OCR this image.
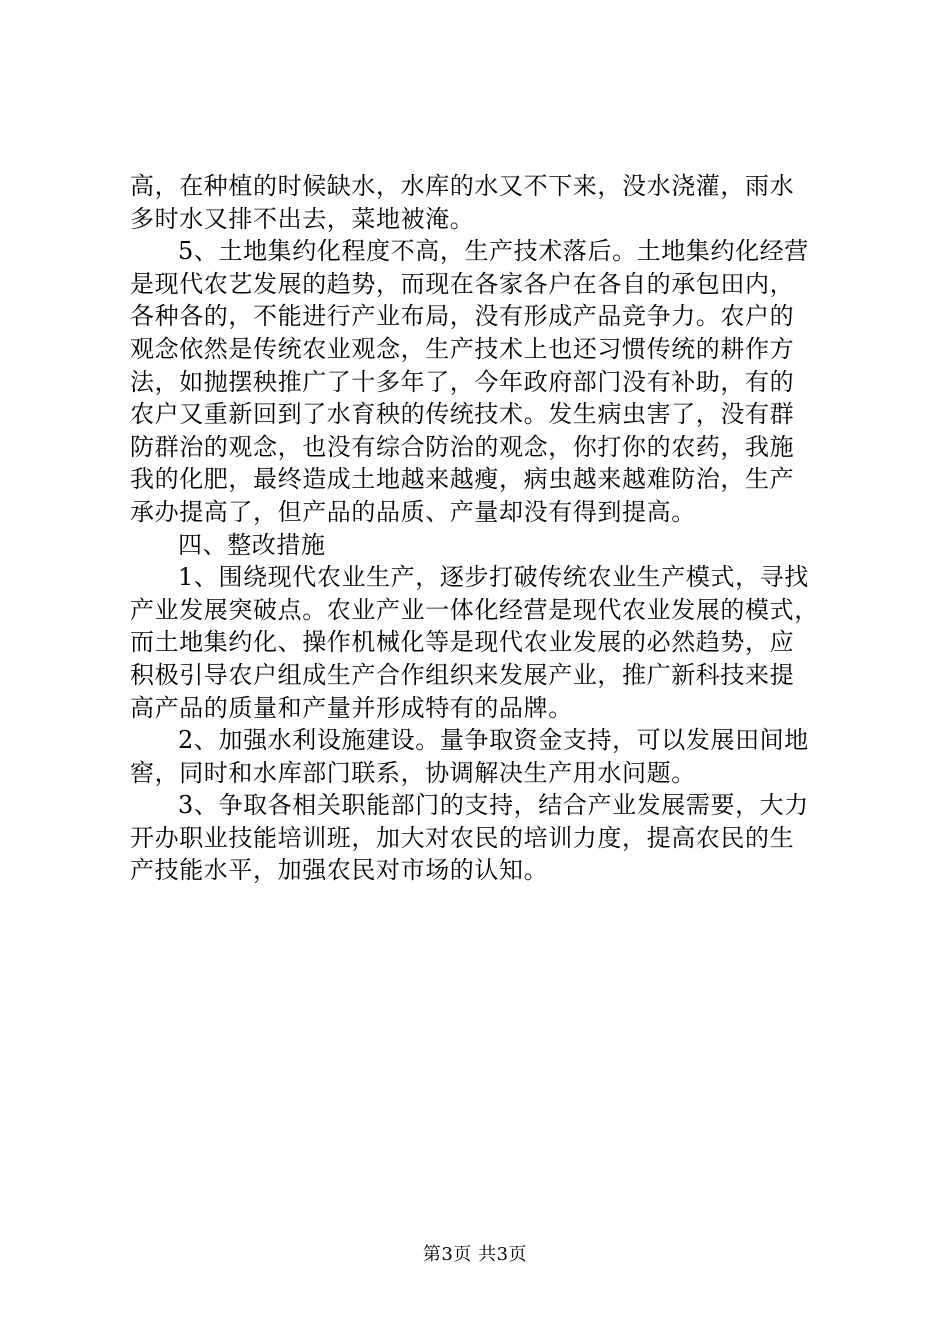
高，在种植的时候缺水，水库的水又不下来，没水浇灌，雨水
多时水又排不出去，菜地被淹。
5、土地集约化程度不高，生产技术落后。土地集约化经营
是现代农艺发展的趋势，而现在各家各户在各自的承包田内，
各种各的，不能进行产业布局，没有形成产品竞争力。农户的
观念依然是传统农业观念，生产技术上也还习惯传统的耕作方
法，如抛摆秧推广了十多年了，今年政府部门没有补助，有的
农户又重新回到了水育秧的传统技术。发生病虫害了，没有群
防群治的观念，也没有综合防治的观念，你打你的农药，我施
我的化肥，最终造成土地越来越瘦，病虫越来越难防治，生产
承办提高了，但产品的品质、产量却没有得到提高。
四、整改措施
1、围绕现代农业生产，逐步打破传统农业生产模式，寻找
产业发展突破点。农业产业一体化经营是现代农业发展的模式，
而土地集约化、操作机械化等是现代农业发展的必然趋势，应
积极引导农户组成生产合作组织来发展产业，推广新科技来提
高产品的质量和产量并形成特有的品牌。
2、加强水利设施建设。量争取资金支持，可以发展田间地
窖，同时和水库部门联系，协调解决生产用水问题。
3、争取各相关职能部门的支持，结合产业发展需要，大力
开办职业技能培训班，加大对农民的培训力度，提高农民的生
产技能水平，加强农民对市场的认知。
第3页 共3页
